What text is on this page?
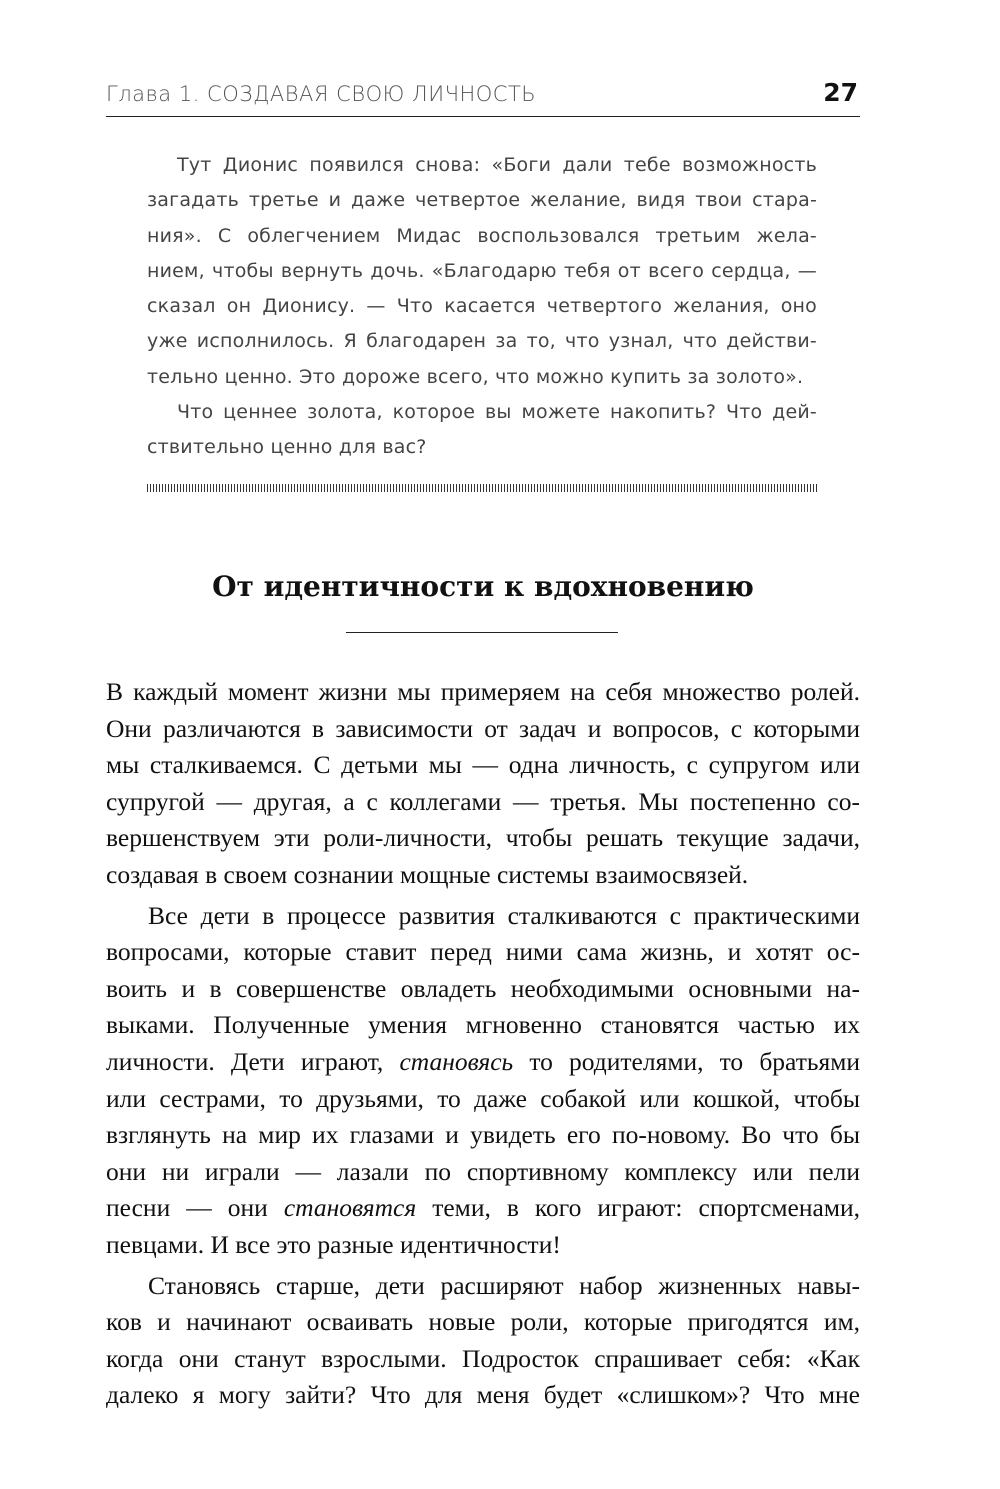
Глава 1. СОЗДАВАЯ СВОЮ ЛИЧНОСТЬ	27
Тут Дионис появился снова: «Боги дали тебе возможность
загадать третье и даже четвертое желание, видя твои стара-
ния». С облегчением Мидас воспользовался третьим жела-
нием, чтобы вернуть дочь. «Благодарю тебя от всего сердца, —
сказал он Дионису. — Что касается четвертого желания, оно
уже исполнилось. Я благодарен за то, что узнал, что действи-
тельно ценно. Это дороже всего, что можно купить за золото».
Что ценнее золота, которое вы можете накопить? Что дей-
ствительно ценно для вас?
От идентичности к вдохновению
В каждый момент жизни мы примеряем на себя множество ролей.
Они различаются в зависимости от задач и вопросов, с которыми
мы сталкиваемся. С детьми мы — одна личность, с супругом или
супругой — другая, а с коллегами — третья. Мы постепенно со-
вершенствуем эти роли-личности, чтобы решать текущие задачи,
создавая в своем сознании мощные системы взаимосвязей.
Все дети в процессе развития сталкиваются с практическими
вопросами, которые ставит перед ними сама жизнь, и хотят ос-
воить и в совершенстве овладеть необходимыми основными на-
выками. Полученные умения мгновенно становятся частью их
личности. Дети играют, становясь то родителями, то братьями
или сестрами, то друзьями, то даже собакой или кошкой, чтобы
взглянуть на мир их глазами и увидеть его по-новому. Во что бы
они ни играли — лазали по спортивному комплексу или пели
песни — они становятся теми, в кого играют: спортсменами,
певцами. И все это разные идентичности!
Становясь старше, дети расширяют набор жизненных навы-
ков и начинают осваивать новые роли, которые пригодятся им,
когда они станут взрослыми. Подросток спрашивает себя: «Как
далеко я могу зайти? Что для меня будет «слишком»? Что мне
